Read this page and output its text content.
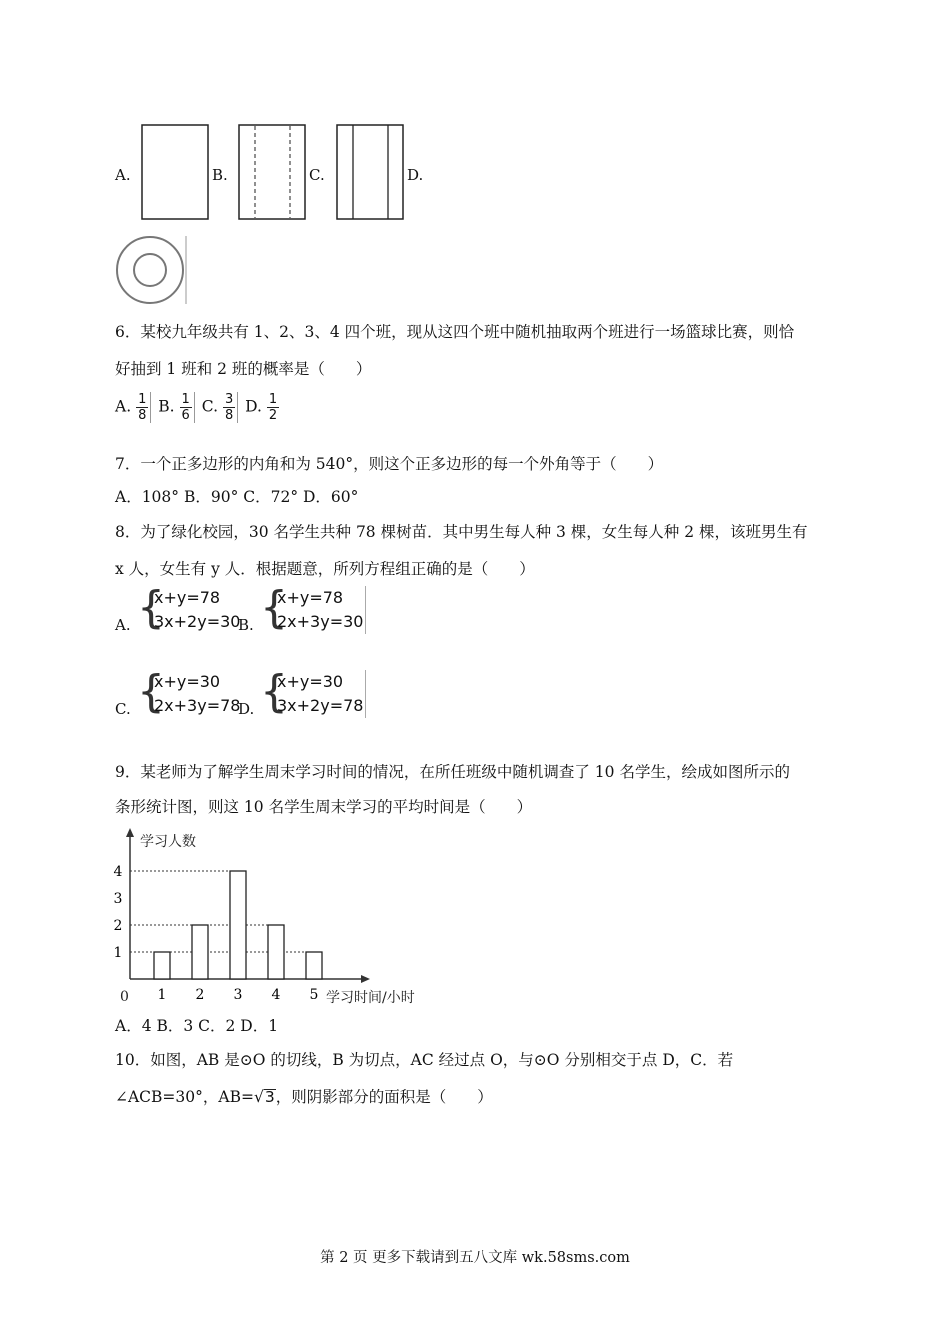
A.	B.	C.	D.
6．某校九年级共有 1、2、3、4 四个班，现从这四个班中随机抽取两个班进行一场篮球比赛，则恰
好抽到 1 班和 2 班的概率是（　　）
A. $\frac{1}{8} B$. $\frac{1}{6} C$. $\frac{3}{8} D$. $\frac{1}{2}$
7．一个正多边形的内角和为 540°，则这个正多边形的每一个外角等于（　　）
A．108° B．90° C．72° D．60°
8．为了绿化校园，30 名学生共种 78 棵树苗．其中男生每人种 3 棵，女生每人种 2 棵，该班男生有
x 人，女生有 y 人．根据题意，所列方程组正确的是（　　）
A. {
x+y=78
3x+2y=30
B. {
x+y=78
2x+3y=30
C. {
x+y=30
2x+3y=78
D. {
x+y=30
3x+2y=78
9．某老师为了解学生周末学习时间的情况，在所任班级中随机调查了 10 名学生，绘成如图所示的
条形统计图，则这 10 名学生周末学习的平均时间是（　　）
学习人数
学习时间/小时
0 1 2 3 4 5
1
2
3
4
A．4 B．3 C．2 D．1
10．如图，AB 是⊙O 的切线，B 为切点，AC 经过点 O，与⊙O 分别相交于点 D，C．若
∠ACB=30°，AB=√3，则阴影部分的面积是（　　）
第 2 页 更多下载请到五八文库 wk.58sms.com
